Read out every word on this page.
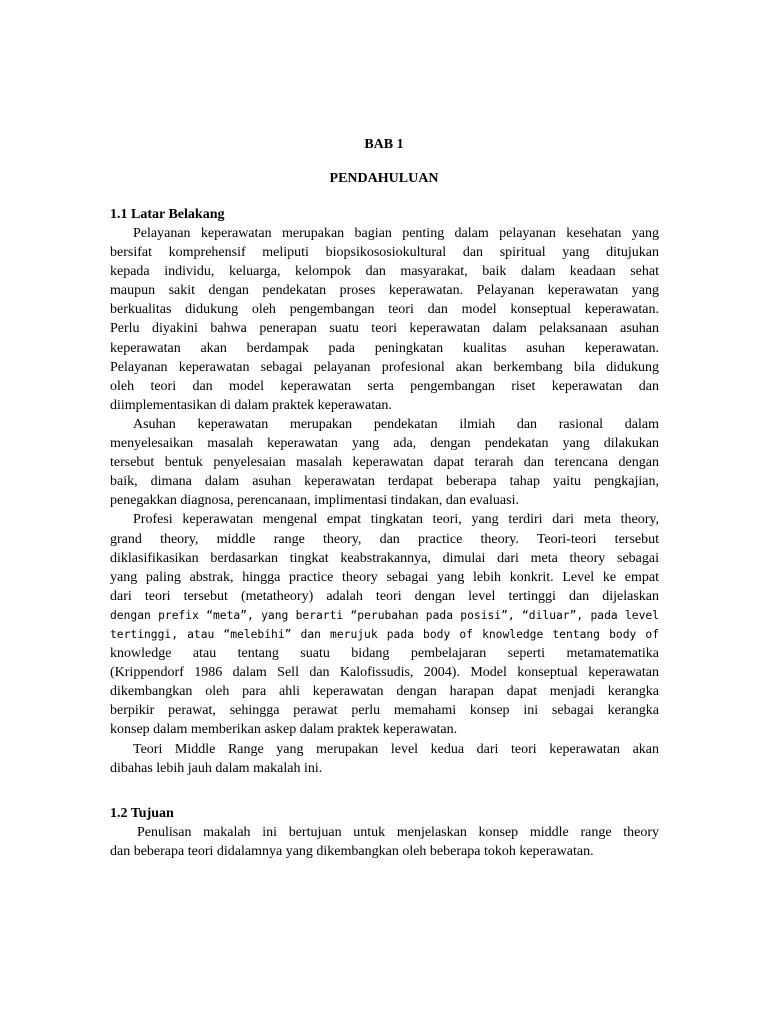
BAB 1
PENDAHULUAN
1.1 Latar Belakang
Pelayanan keperawatan merupakan bagian penting dalam pelayanan kesehatan yang
bersifat komprehensif meliputi biopsikososiokultural dan spiritual yang ditujukan
kepada individu, keluarga, kelompok dan masyarakat, baik dalam keadaan sehat
maupun sakit dengan pendekatan proses keperawatan. Pelayanan keperawatan yang
berkualitas didukung oleh pengembangan teori dan model konseptual keperawatan.
Perlu diyakini bahwa penerapan suatu teori keperawatan dalam pelaksanaan asuhan
keperawatan akan berdampak pada peningkatan kualitas asuhan keperawatan.
Pelayanan keperawatan sebagai pelayanan profesional akan berkembang bila didukung
oleh teori dan model keperawatan serta pengembangan riset keperawatan dan
diimplementasikan di dalam praktek keperawatan.
Asuhan keperawatan merupakan pendekatan ilmiah dan rasional dalam
menyelesaikan masalah keperawatan yang ada, dengan pendekatan yang dilakukan
tersebut bentuk penyelesaian masalah keperawatan dapat terarah dan terencana dengan
baik, dimana dalam asuhan keperawatan terdapat beberapa tahap yaitu pengkajian,
penegakkan diagnosa, perencanaan, implimentasi tindakan, dan evaluasi.
Profesi keperawatan mengenal empat tingkatan teori, yang terdiri dari meta theory,
grand theory, middle range theory, dan practice theory. Teori-teori tersebut
diklasifikasikan berdasarkan tingkat keabstrakannya, dimulai dari meta theory sebagai
yang paling abstrak, hingga practice theory sebagai yang lebih konkrit. Level ke empat
dari teori tersebut (metatheory) adalah teori dengan level tertinggi dan dijelaskan
dengan prefix “meta”, yang berarti “perubahan pada posisi”, “diluar”, pada level
tertinggi, atau “melebihi” dan merujuk pada body of knowledge tentang body of
knowledge atau tentang suatu bidang pembelajaran seperti metamatematika
(Krippendorf 1986 dalam Sell dan Kalofissudis, 2004). Model konseptual keperawatan
dikembangkan oleh para ahli keperawatan dengan harapan dapat menjadi kerangka
berpikir perawat, sehingga perawat perlu memahami konsep ini sebagai kerangka
konsep dalam memberikan askep dalam praktek keperawatan.
Teori Middle Range yang merupakan level kedua dari teori keperawatan akan
dibahas lebih jauh dalam makalah ini.
1.2 Tujuan
Penulisan makalah ini bertujuan untuk menjelaskan konsep middle range theory
dan beberapa teori didalamnya yang dikembangkan oleh beberapa tokoh keperawatan.
